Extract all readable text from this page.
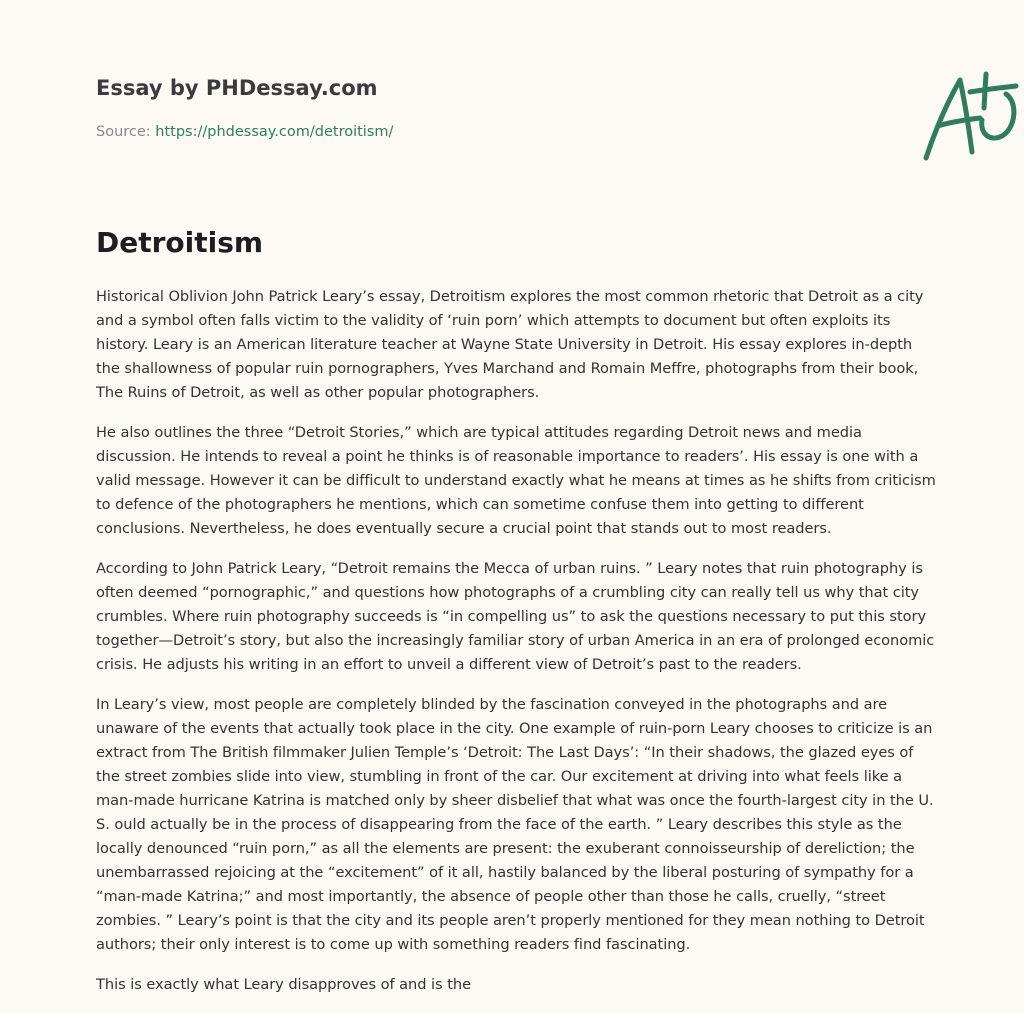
Essay by PHDessay.com
Source: https://phdessay.com/detroitism/
Detroitism

Historical Oblivion John Patrick Leary’s essay, Detroitism explores the most common rhetoric that Detroit as a city and a symbol often falls victim to the validity of ‘ruin porn’ which attempts to document but often exploits its history. Leary is an American literature teacher at Wayne State University in Detroit. His essay explores in-depth the shallowness of popular ruin pornographers, Yves Marchand and Romain Meffre, photographs from their book, The Ruins of Detroit, as well as other popular photographers.

He also outlines the three “Detroit Stories,” which are typical attitudes regarding Detroit news and media discussion. He intends to reveal a point he thinks is of reasonable importance to readers’. His essay is one with a valid message. However it can be difficult to understand exactly what he means at times as he shifts from criticism to defence of the photographers he mentions, which can sometime confuse them into getting to different conclusions. Nevertheless, he does eventually secure a crucial point that stands out to most readers.

According to John Patrick Leary, “Detroit remains the Mecca of urban ruins. ” Leary notes that ruin photography is often deemed “pornographic,” and questions how photographs of a crumbling city can really tell us why that city crumbles. Where ruin photography succeeds is “in compelling us” to ask the questions necessary to put this story together—Detroit’s story, but also the increasingly familiar story of urban America in an era of prolonged economic crisis. He adjusts his writing in an effort to unveil a different view of Detroit’s past to the readers.

In Leary’s view, most people are completely blinded by the fascination conveyed in the photographs and are unaware of the events that actually took place in the city. One example of ruin-porn Leary chooses to criticize is an extract from The British filmmaker Julien Temple’s ‘Detroit: The Last Days’: “In their shadows, the glazed eyes of the street zombies slide into view, stumbling in front of the car. Our excitement at driving into what feels like a man-made hurricane Katrina is matched only by sheer disbelief that what was once the fourth-largest city in the U. S. ould actually be in the process of disappearing from the face of the earth. ” Leary describes this style as the locally denounced “ruin porn,” as all the elements are present: the exuberant connoisseurship of dereliction; the unembarrassed rejoicing at the “excitement” of it all, hastily balanced by the liberal posturing of sympathy for a “man-made Katrina;” and most importantly, the absence of people other than those he calls, cruelly, “street zombies. ” Leary’s point is that the city and its people aren’t properly mentioned for they mean nothing to Detroit authors; their only interest is to come up with something readers find fascinating.

This is exactly what Leary disapproves of and is the
